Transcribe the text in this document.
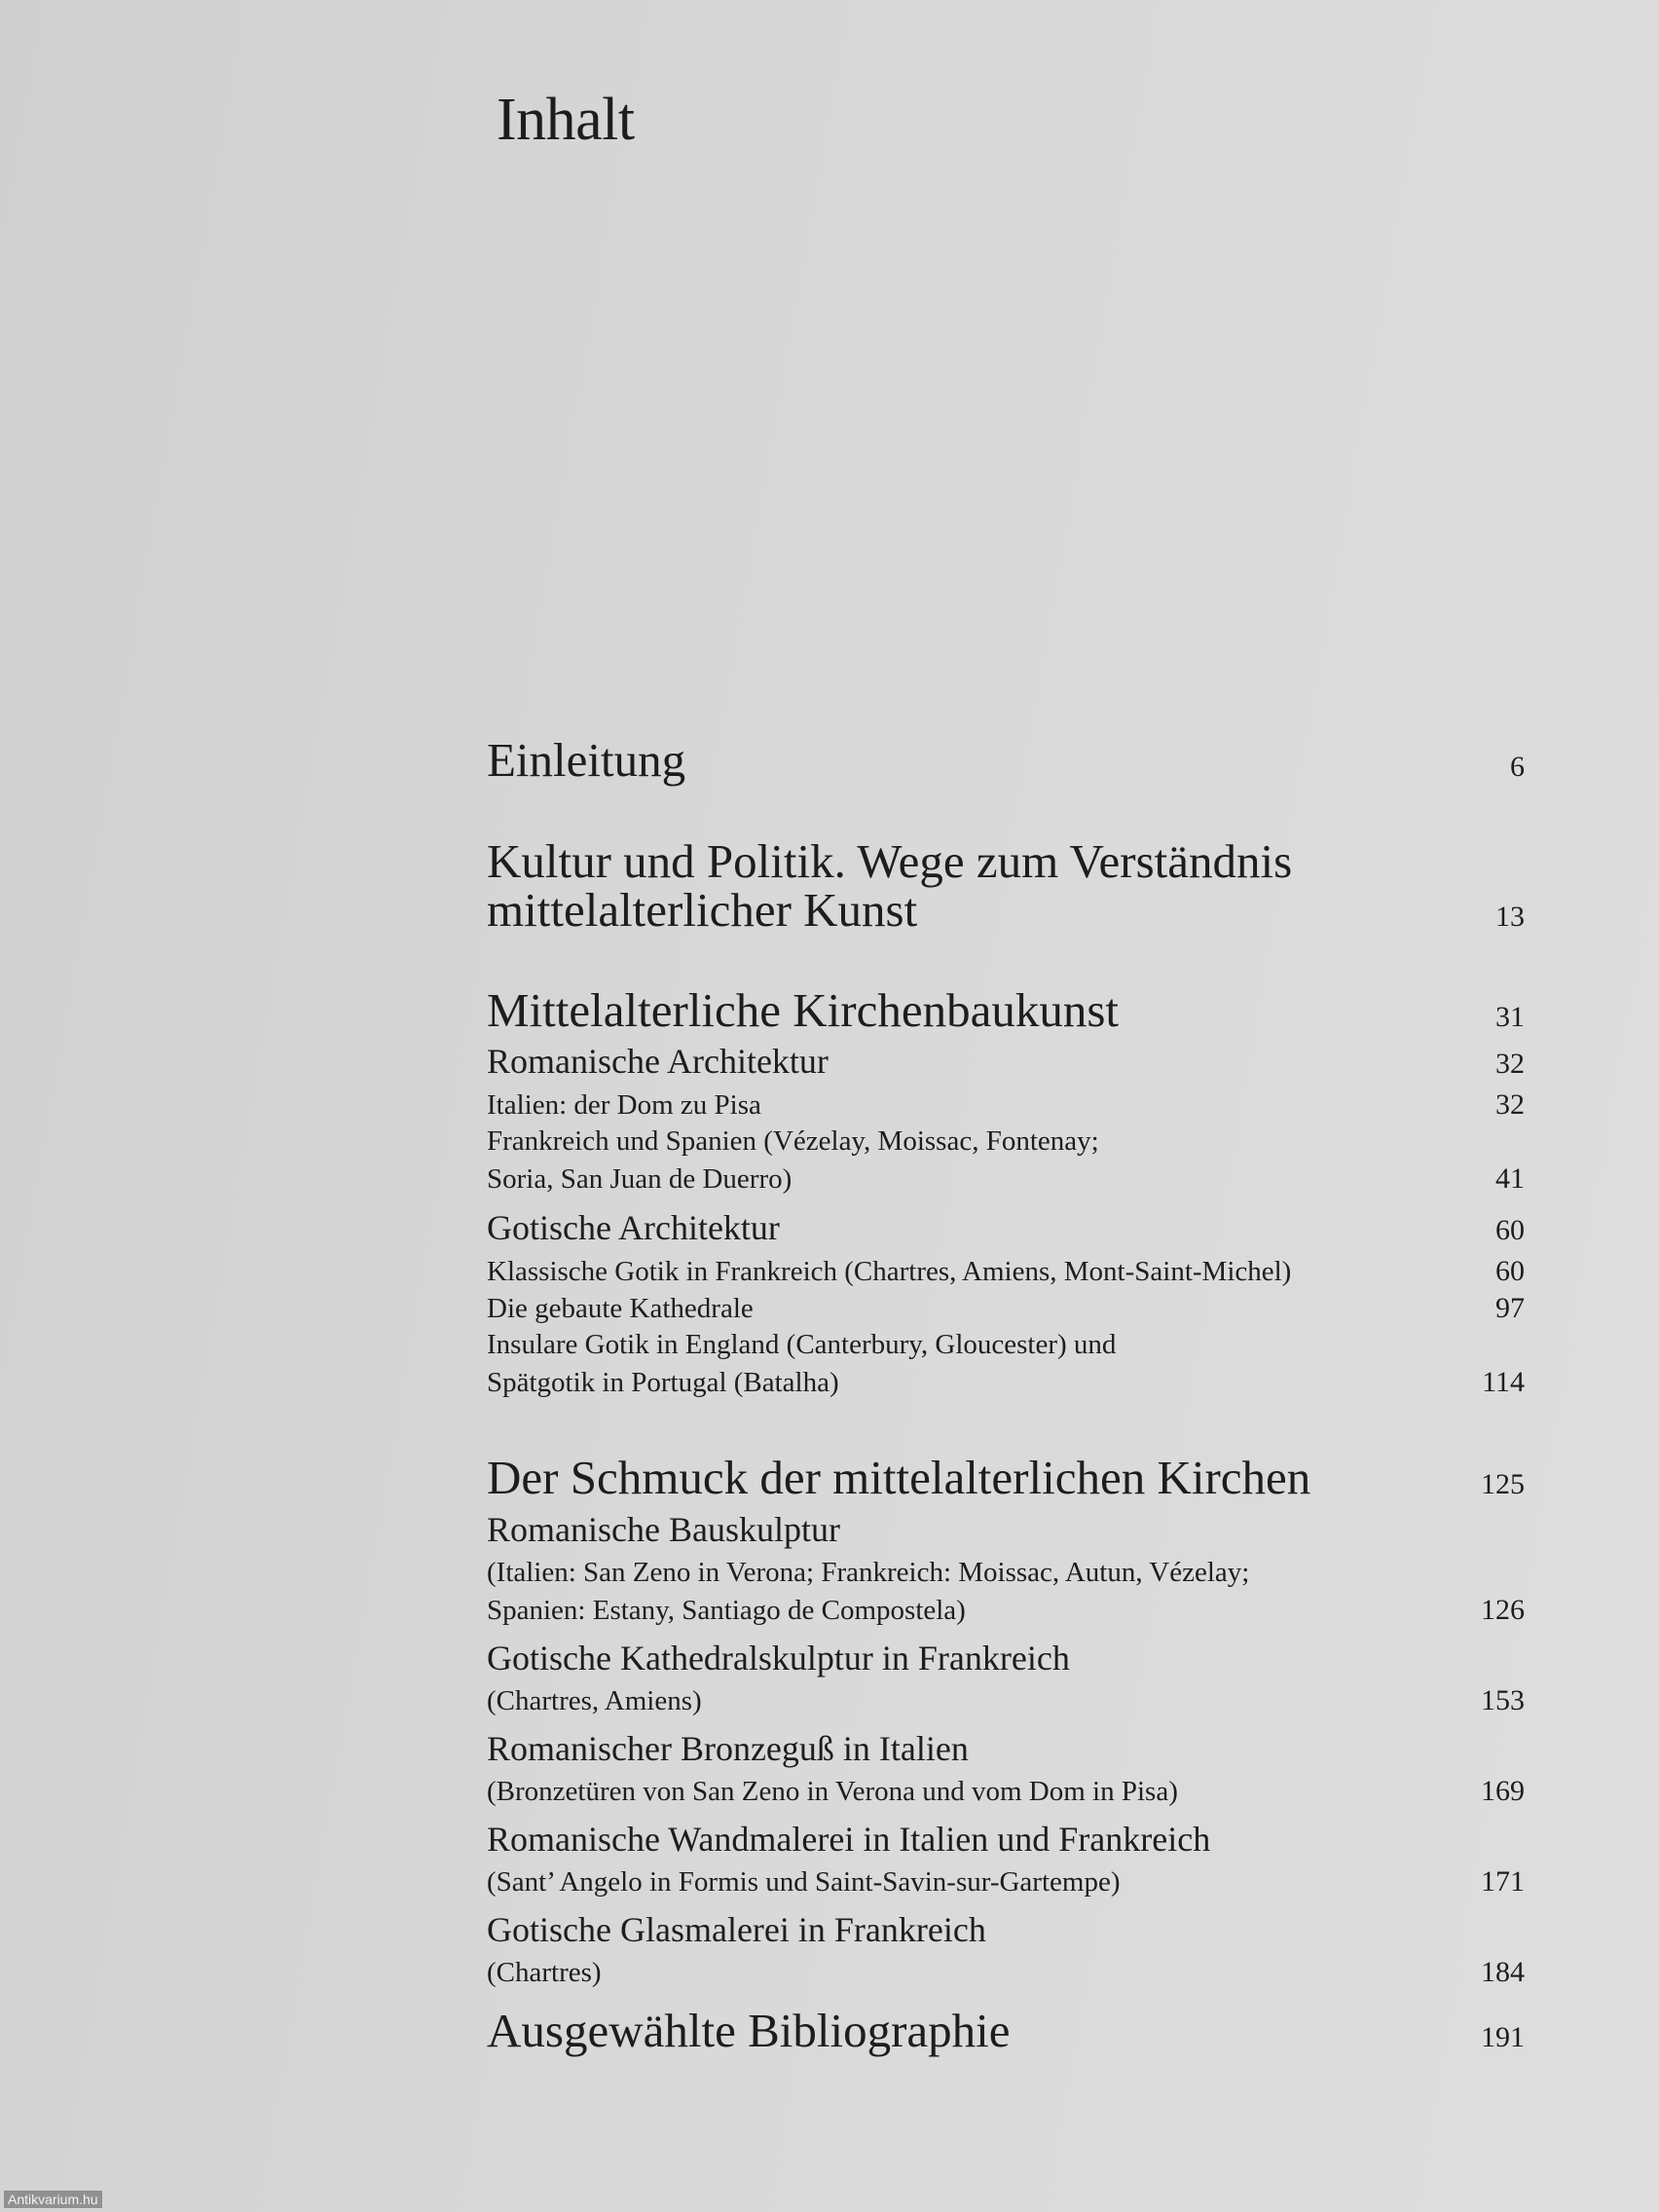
Inhalt
Einleitung	6
Kultur und Politik. Wege zum Verständnis
mittelalterlicher Kunst	13
Mittelalterliche Kirchenbaukunst	31
Romanische Architektur	32
Italien: der Dom zu Pisa	32
Frankreich und Spanien (Vézelay, Moissac, Fontenay;
Soria, San Juan de Duerro)	41
Gotische Architektur	60
Klassische Gotik in Frankreich (Chartres, Amiens, Mont-Saint-Michel)	60
Die gebaute Kathedrale	97
Insulare Gotik in England (Canterbury, Gloucester) und
Spätgotik in Portugal (Batalha)	114
Der Schmuck der mittelalterlichen Kirchen	125
Romanische Bauskulptur
(Italien: San Zeno in Verona; Frankreich: Moissac, Autun, Vézelay;
Spanien: Estany, Santiago de Compostela)	126
Gotische Kathedralskulptur in Frankreich
(Chartres, Amiens)	153
Romanischer Bronzeguß in Italien
(Bronzetüren von San Zeno in Verona und vom Dom in Pisa)	169
Romanische Wandmalerei in Italien und Frankreich
(Sant’ Angelo in Formis und Saint-Savin-sur-Gartempe)	171
Gotische Glasmalerei in Frankreich
(Chartres)	184
Ausgewählte Bibliographie	191
Antikvarium.hu
